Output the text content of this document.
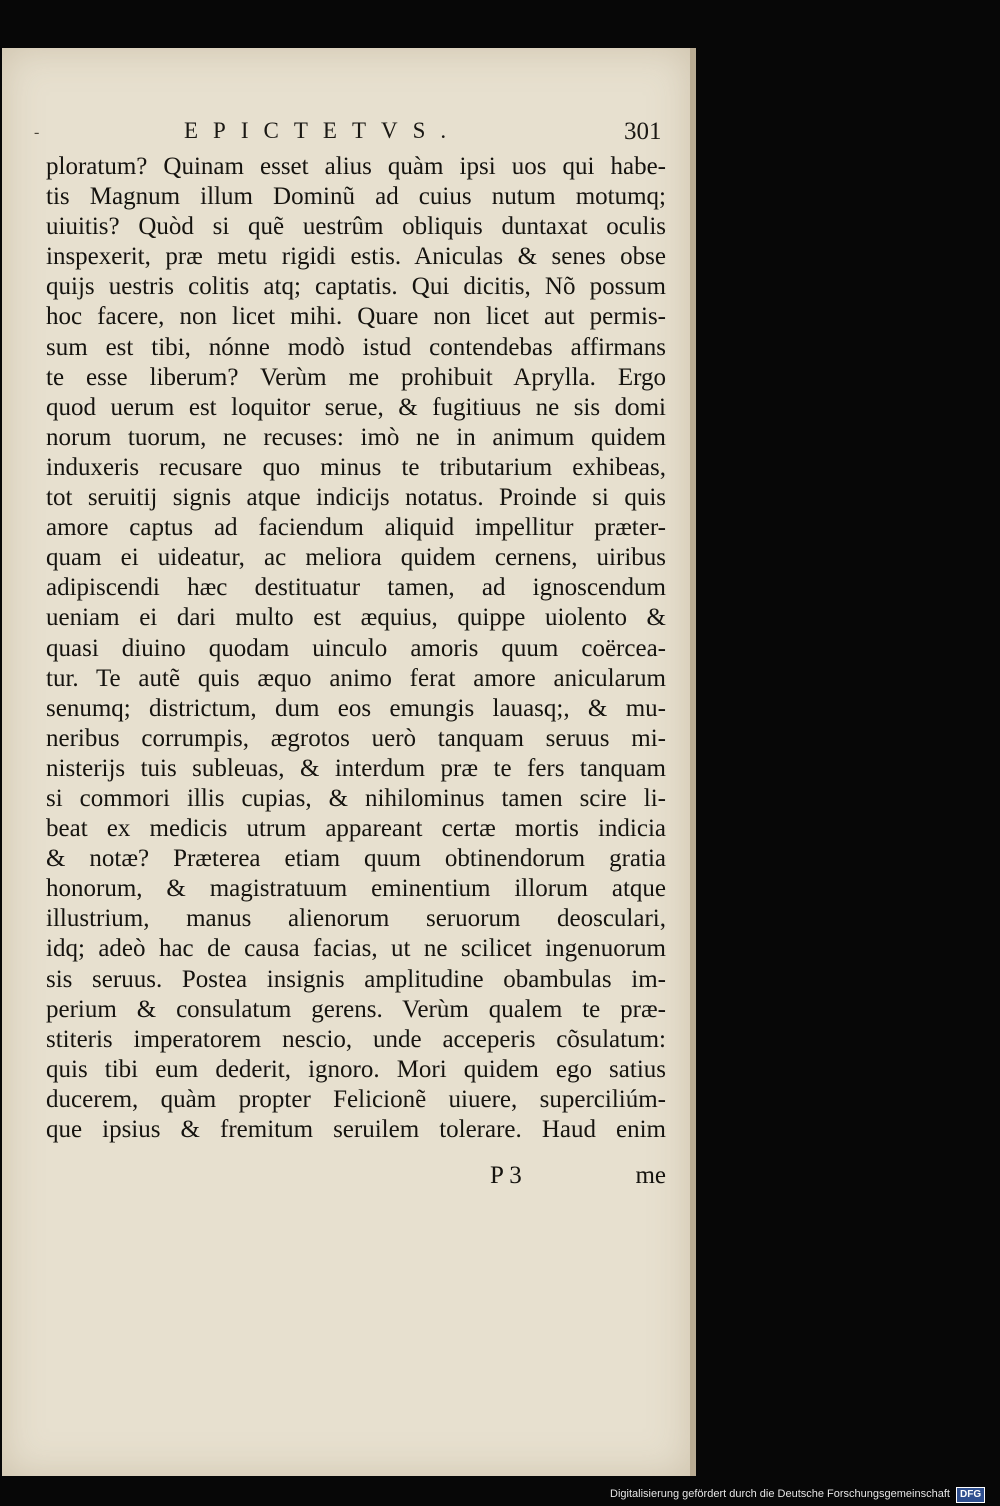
-	EPICTETVS.	301
ploratum? Quinam esset alius quàm ipsi uos qui habe-
tis Magnum illum Dominũ ad cuius nutum motumq;
uiuitis? Quòd si quẽ uestrûm obliquis duntaxat oculis
inspexerit, præ metu rigidi estis. Aniculas & senes obse
quijs uestris colitis atq; captatis. Qui dicitis, Nõ possum
hoc facere, non licet mihi. Quare non licet aut permis-
sum est tibi, nónne modò istud contendebas affirmans
te esse liberum? Verùm me prohibuit Aprylla. Ergo
quod uerum est loquitor serue, & fugitiuus ne sis domi
norum tuorum, ne recuses: imò ne in animum quidem
induxeris recusare quo minus te tributarium exhibeas,
tot seruitij signis atque indicijs notatus. Proinde si quis
amore captus ad faciendum aliquid impellitur præter-
quam ei uideatur, ac meliora quidem cernens, uiribus
adipiscendi hæc destituatur tamen, ad ignoscendum
ueniam ei dari multo est æquius, quippe uiolento &
quasi diuino quodam uinculo amoris quum coërcea-
tur. Te autẽ quis æquo animo ferat amore anicularum
senumq; districtum, dum eos emungis lauasq;, & mu-
neribus corrumpis, ægrotos uerò tanquam seruus mi-
nisterijs tuis subleuas, & interdum præ te fers tanquam
si commori illis cupias, & nihilominus tamen scire li-
beat ex medicis utrum appareant certæ mortis indicia
& notæ? Præterea etiam quum obtinendorum gratia
honorum, & magistratuum eminentium illorum atque
illustrium, manus alienorum seruorum deosculari,
idq; adeò hac de causa facias, ut ne scilicet ingenuorum
sis seruus. Postea insignis amplitudine obambulas im-
perium & consulatum gerens. Verùm qualem te præ-
stiteris imperatorem nescio, unde acceperis cõsulatum:
quis tibi eum dederit, ignoro. Mori quidem ego satius
ducerem, quàm propter Felicionẽ uiuere, superciliúm-
que ipsius & fremitum seruilem tolerare. Haud enim
P 3	me
Digitalisierung gefördert durch die Deutsche Forschungsgemeinschaft DFG
